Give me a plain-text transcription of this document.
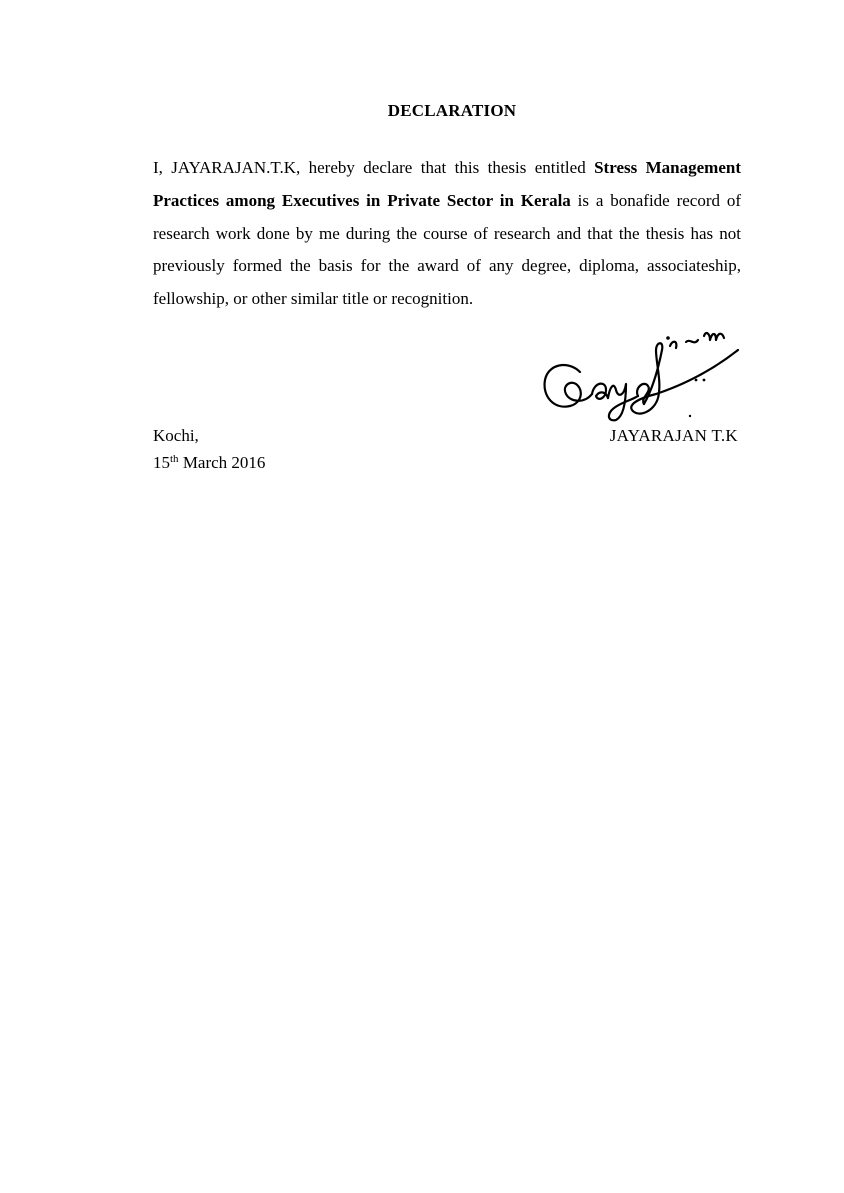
DECLARATION

I, JAYARAJAN.T.K, hereby declare that this thesis entitled Stress Management Practices among Executives in Private Sector in Kerala is a bonafide record of research work done by me during the course of research and that the thesis has not previously formed the basis for the award of any degree, diploma, associateship, fellowship, or other similar title or recognition.

Kochi,

15th March 2016

JAYARAJAN T.K
